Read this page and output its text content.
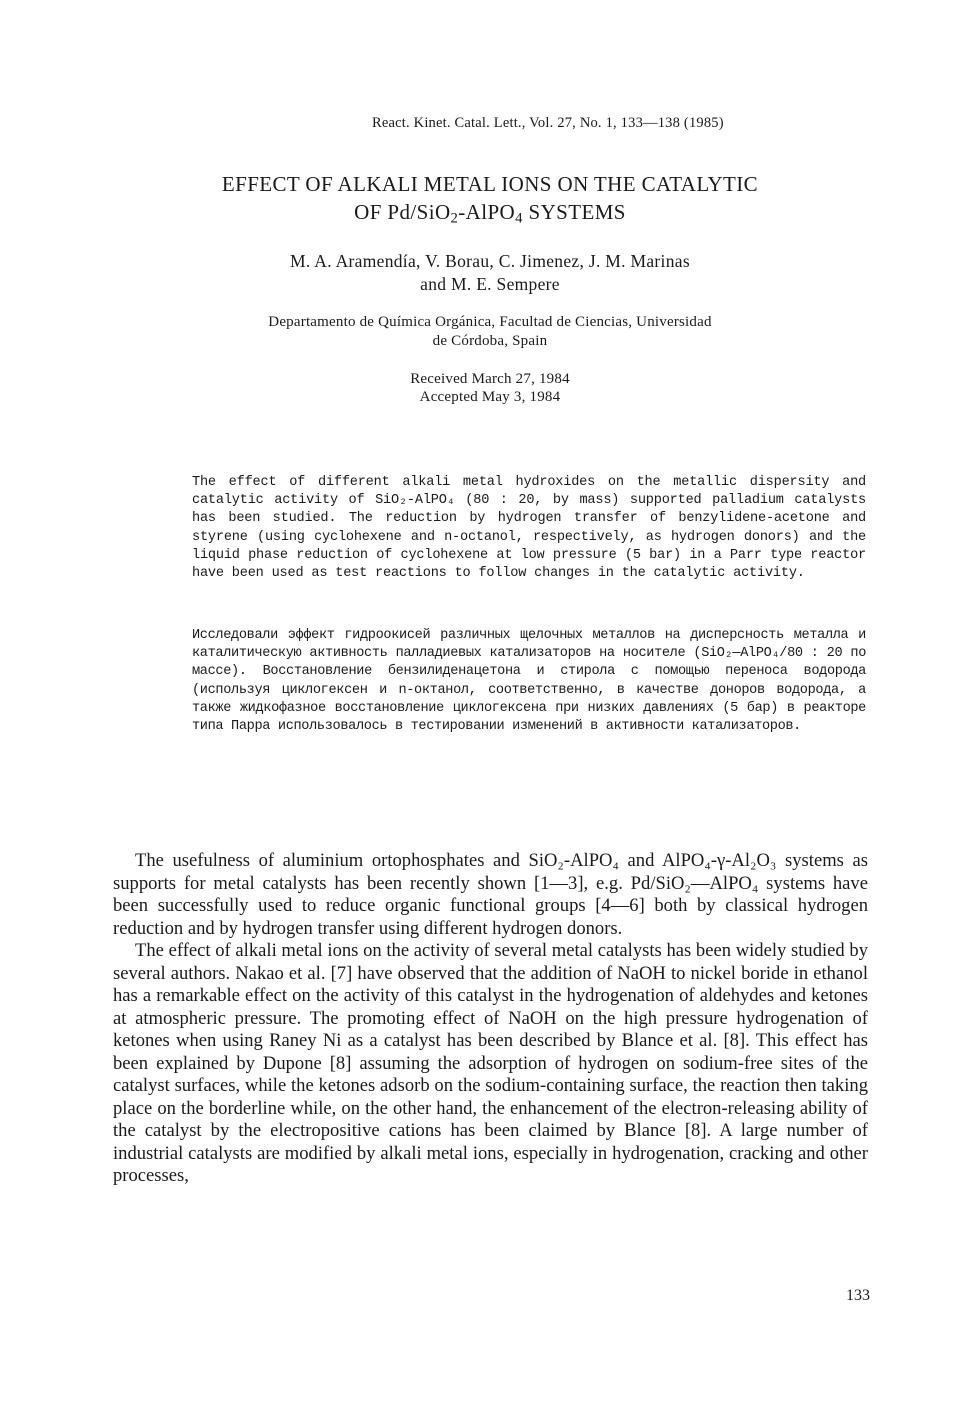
React. Kinet. Catal. Lett., Vol. 27, No. 1, 133—138 (1985)
EFFECT OF ALKALI METAL IONS ON THE CATALYTIC
OF Pd/SiO$_2$-AlPO$_4$ SYSTEMS
M. A. Aramendía, V. Borau, C. Jimenez, J. M. Marinas
and M. E. Sempere
Departamento de Química Orgánica, Facultad de Ciencias, Universidad
de Córdoba, Spain
Received March 27, 1984
Accepted May 3, 1984
The effect of different alkali metal hydroxides on the metallic dispersity and catalytic activity of SiO₂-AlPO₄ (80 : 20, by mass) supported palladium catalysts has been studied. The reduction by hydrogen transfer of benzylidene-acetone and styrene (using cyclohexene and n-octanol, respectively, as hydrogen donors) and the liquid phase reduction of cyclohexene at low pressure (5 bar) in a Parr type reactor have been used as test reactions to follow changes in the catalytic activity.
Исследовали эффект гидроокисей различных щелочных металлов на дисперсность металла и каталитическую активность палладиевых катализаторов на носителе (SiO₂—AlPO₄/80 : 20 по массе). Восстановление бензилиденацетона и стирола с помощью переноса водорода (используя циклогексен и n-октанол, соответственно, в качестве доноров водорода, а также жидкофазное восстановление циклогексена при низких давлениях (5 бар) в реакторе типа Парра использовалось в тестировании изменений в активности катализаторов.

The usefulness of aluminium ortophosphates and SiO₂-AlPO₄ and AlPO₄-γ-Al₂O₃ systems as supports for metal catalysts has been recently shown [1—3], e.g. Pd/SiO₂—AlPO₄ systems have been successfully used to reduce organic functional groups [4—6] both by classical hydrogen reduction and by hydrogen transfer using different hydrogen donors.

The effect of alkali metal ions on the activity of several metal catalysts has been widely studied by several authors. Nakao et al. [7] have observed that the addition of NaOH to nickel boride in ethanol has a remarkable effect on the activity of this catalyst in the hydrogenation of aldehydes and ketones at atmospheric pressure. The promoting effect of NaOH on the high pressure hydrogenation of ketones when using Raney Ni as a catalyst has been described by Blance et al. [8]. This effect has been explained by Dupone [8] assuming the adsorption of hydrogen on sodium-free sites of the catalyst surfaces, while the ketones adsorb on the sodium-containing surface, the reaction then taking place on the borderline while, on the other hand, the enhancement of the electron-releasing ability of the catalyst by the electropositive cations has been claimed by Blance [8]. A large number of industrial catalysts are modified by alkali metal ions, especially in hydrogenation, cracking and other processes,

133
